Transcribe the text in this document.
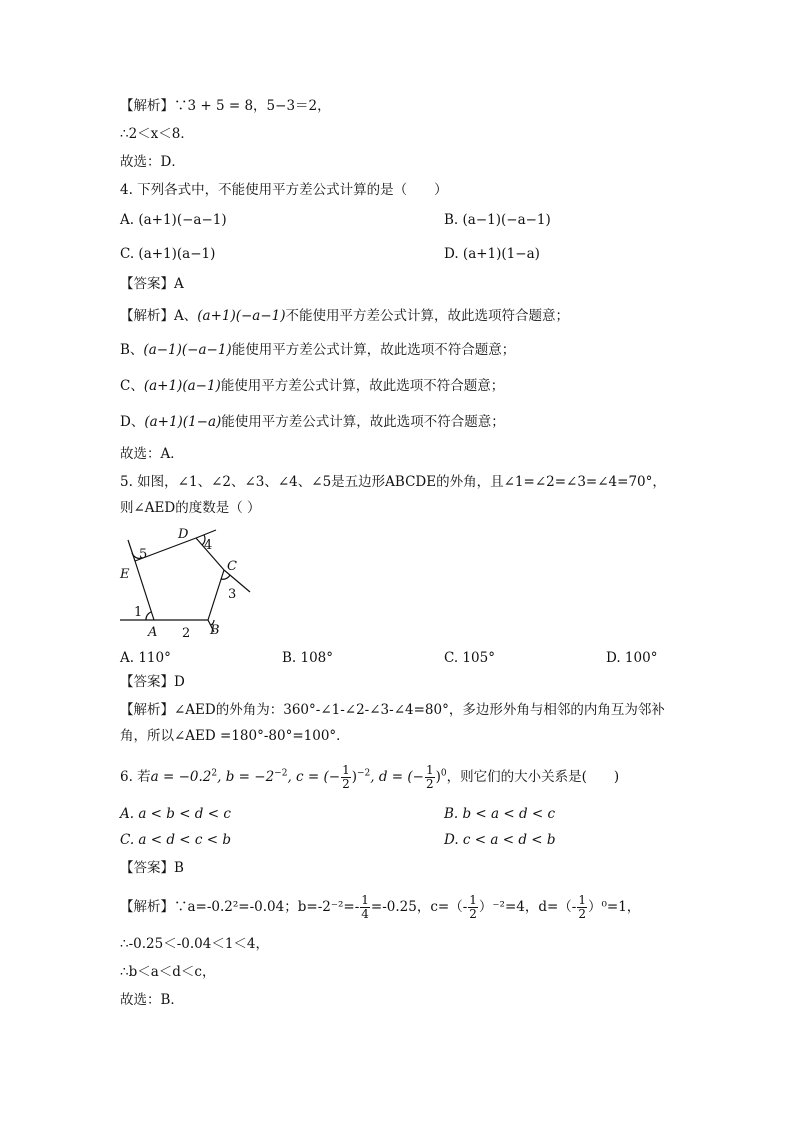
【解析】∵3 + 5 = 8，5−3＝2，
∴2＜x＜8．
故选：D．
4. 下列各式中，不能使用平方差公式计算的是（　　）
A. (a+1)(−a−1)	B. (a−1)(−a−1)
C. (a+1)(a−1)	D. (a+1)(1−a)
【答案】A
【解析】A、(a+1)(−a−1)不能使用平方差公式计算，故此选项符合题意；
B、(a−1)(−a−1)能使用平方差公式计算，故此选项不符合题意；
C、(a+1)(a−1)能使用平方差公式计算，故此选项不符合题意；
D、(a+1)(1−a)能使用平方差公式计算，故此选项不符合题意；
故选：A．
5. 如图，∠1、∠2、∠3、∠4、∠5是五边形ABCDE的外角，且∠1=∠2=∠3=∠4=70°，
则∠AED的度数是（ ）
A	B
C
D
E
1
2
3
4
5
A. 110°	B. 108°	C. 105°	D. 100°
【答案】D
【解析】∠AED的外角为：360°-∠1-∠2-∠3-∠4=80°，多边形外角与相邻的内角互为邻补
角，所以∠AED =180°-80°=100°．
6. 若$a = -0.2^2$, $b = -2^{-2}$, c = (− $\frac{1}{2} )^{-2}$, d = (− $\frac{1}{2} )^0$，则它们的大小关系是(　　)
A. a < b < d < c	B. b < a < d < c
C. a < d < c < b	D. c < a < d < b
【答案】B
【解析】∵a=-0.2²=-0.04；$b=-2^{-2}=- \frac{1}{4} =-0.25$，$c=(- \frac{1}{2} )^{-2}=4$，$d=(- \frac{1}{2} )^0=1$，
∴-0.25＜-0.04＜1＜4，
∴b＜a＜d＜c，
故选：B．
